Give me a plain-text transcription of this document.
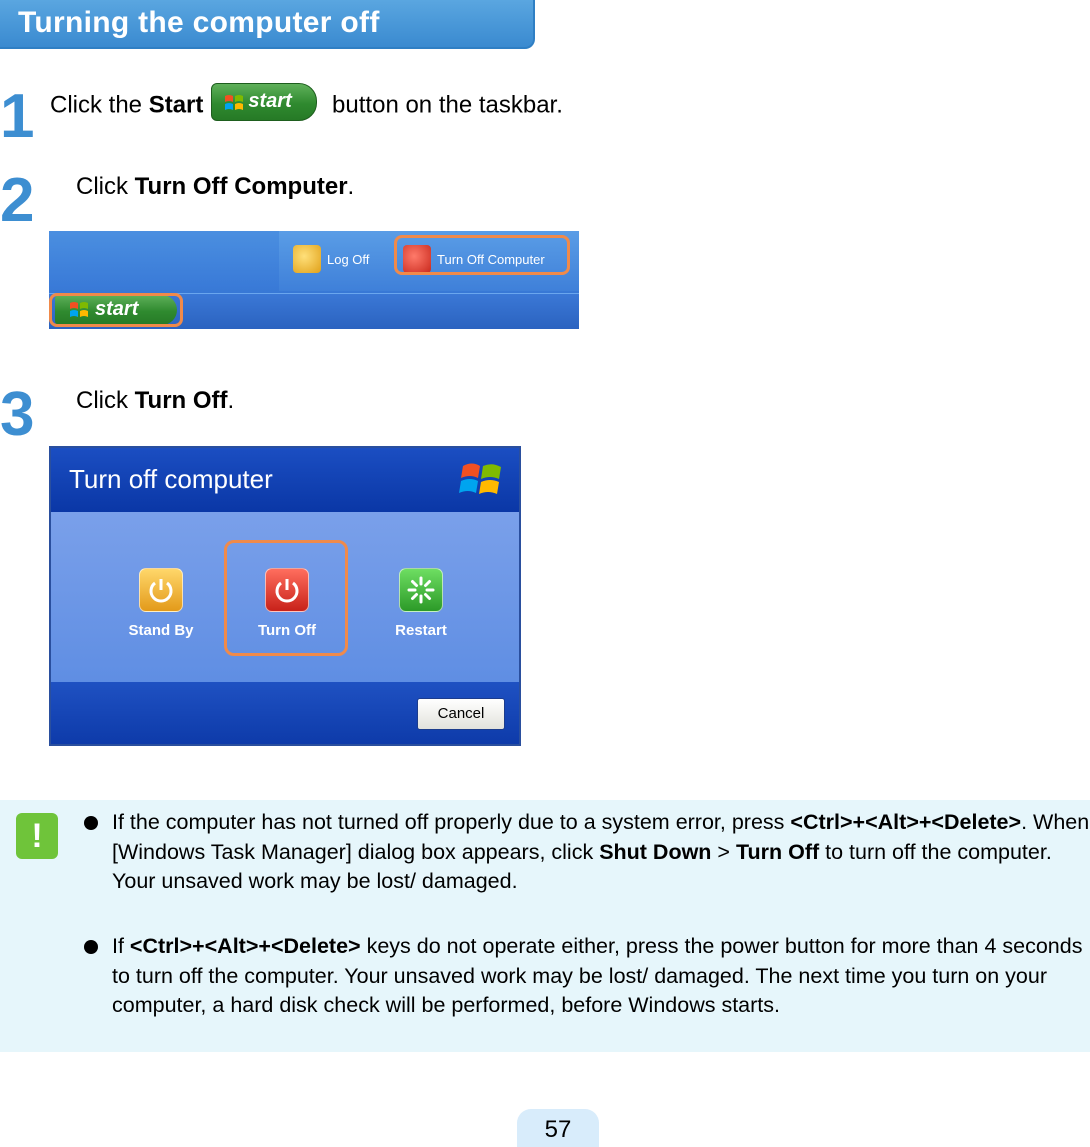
Turning the computer off
1 Click the Start start button on the taskbar.
2 Click Turn Off Computer.
Log Off	Turn Off Computer
start
3 Click Turn Off.
Turn off computer
Stand By	Turn Off	Restart
Cancel
!	If the computer has not turned off properly due to a system error, press <Ctrl>+<Alt>+<Delete>. When [Windows Task Manager] dialog box appears, click Shut Down > Turn Off to turn off the computer. Your unsaved work may be lost/ damaged.
If <Ctrl>+<Alt>+<Delete> keys do not operate either, press the power button for more than 4 seconds to turn off the computer. Your unsaved work may be lost/ damaged. The next time you turn on your computer, a hard disk check will be performed, before Windows starts.
57
